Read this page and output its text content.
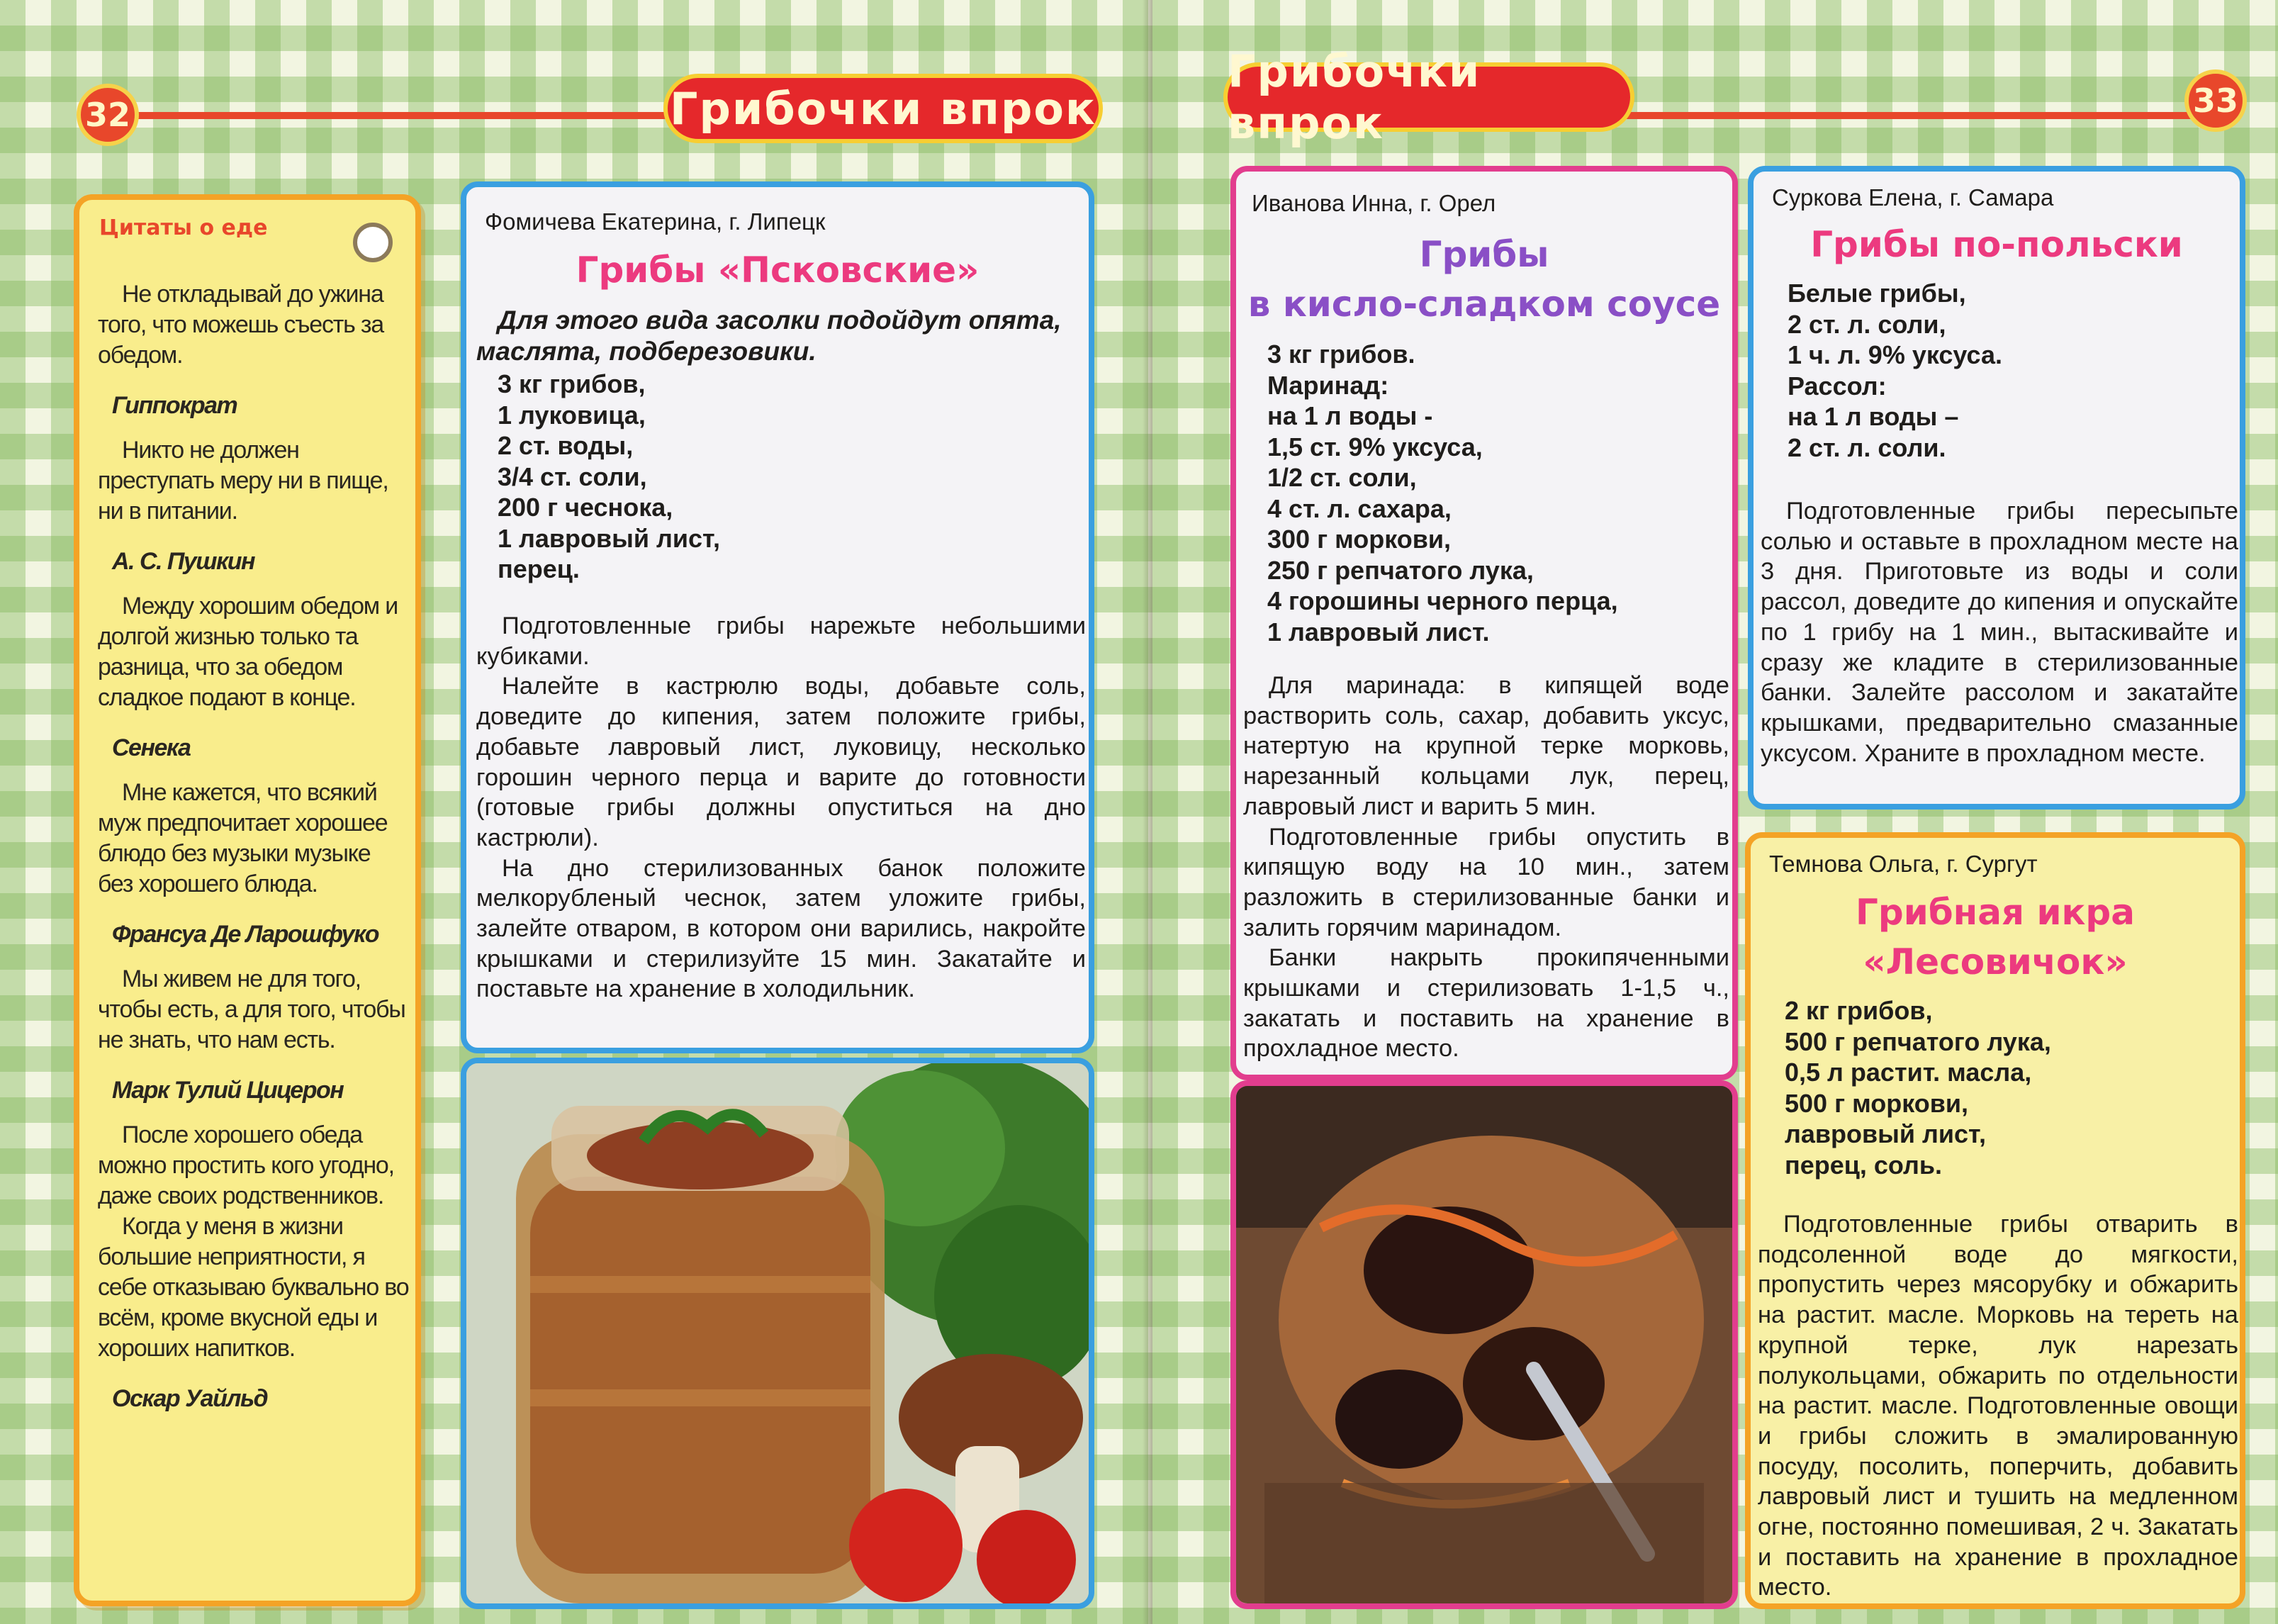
32	Грибочки впрок
Цитаты о еде
Не откладывай до ужина того, что можешь съесть за обедом.
Гиппократ
Никто не должен преступать меру ни в пище, ни в питании.
А. С. Пушкин
Между хорошим обедом и долгой жизнью только та разница, что за обедом сладкое подают в конце.
Сенека
Мне кажется, что всякий муж предпочитает хорошее блюдо без музыки музыке без хорошего блюда.
Франсуа Де Ларошфуко
Мы живем не для того, чтобы есть, а для того, чтобы не знать, что нам есть.
Марк Тулий Цицерон
После хорошего обеда можно простить кого угодно, даже своих родственников.
Когда у меня в жизни большие неприятности, я себе отказываю буквально во всём, кроме вкусной еды и хороших напитков.
Оскар Уайльд
Фомичева Екатерина, г. Липецк
Грибы «Псковские»
Для этого вида засолки подойдут опята, маслята, подберезовики.
3 кг грибов,
1 луковица,
2 ст. воды,
3/4 ст. соли,
200 г чеснока,
1 лавровый лист,
перец.

Подготовленные грибы нарежьте небольшими кубиками.

Налейте в кастрюлю воды, добавьте соль, доведите до кипения, затем положите грибы, добавьте лавровый лист, луковицу, несколько горошин черного перца и варите до готовности (готовые грибы должны опуститься на дно кастрюли).

На дно стерилизованных банок положите мелкорубленый чеснок, затем уложите грибы, залейте отваром, в котором они варились, накройте крышками и стерилизуйте 15 мин. Закатайте и поставьте на хранение в холодильник.

Грибочки впрок	33
Иванова Инна, г. Орел
Грибы
в кисло-сладком соусе
3 кг грибов.
Маринад:
на 1 л воды -
1,5 ст. 9% уксуса,
1/2 ст. соли,
4 ст. л. сахара,
300 г моркови,
250 г репчатого лука,
4 горошины черного перца,
1 лавровый лист.

Для маринада: в кипящей воде растворить соль, сахар, добавить уксус, натертую на крупной терке морковь, нарезанный кольцами лук, перец, лавровый лист и варить 5 мин.

Подготовленные грибы опустить в кипящую воду на 10 мин., затем разложить в стерилизованные банки и залить горячим маринадом.

Банки накрыть прокипяченными крышками и стерилизовать 1-1,5 ч., закатать и поставить на хранение в прохладное место.

Суркова Елена, г. Самара
Грибы по-польски
Белые грибы,
2 ст. л. соли,
1 ч. л. 9% уксуса.
Рассол:
на 1 л воды –
2 ст. л. соли.

Подготовленные грибы пересыпьте солью и оставьте в прохладном месте на 3 дня. Приготовьте из воды и соли рассол, доведите до кипения и опускайте по 1 грибу на 1 мин., вытаскивайте и сразу же кладите в стерилизованные банки. Залейте рассолом и закатайте крышками, предварительно смазанные уксусом. Храните в прохладном месте.

Темнова Ольга, г. Сургут
Грибная икра
«Лесовичок»
2 кг грибов,
500 г репчатого лука,
0,5 л растит. масла,
500 г моркови,
лавровый лист,
перец, соль.

Подготовленные грибы отварить в подсоленной воде до мягкости, пропустить через мясорубку и обжарить на растит. масле. Морковь на тереть на крупной терке, лук нарезать полукольцами, обжарить по отдельности на растит. масле. Подготовленные овощи и грибы сложить в эмалированную посуду, посолить, поперчить, добавить лавровый лист и тушить на медленном огне, постоянно помешивая, 2 ч. Закатать и поставить на хранение в прохладное место.
